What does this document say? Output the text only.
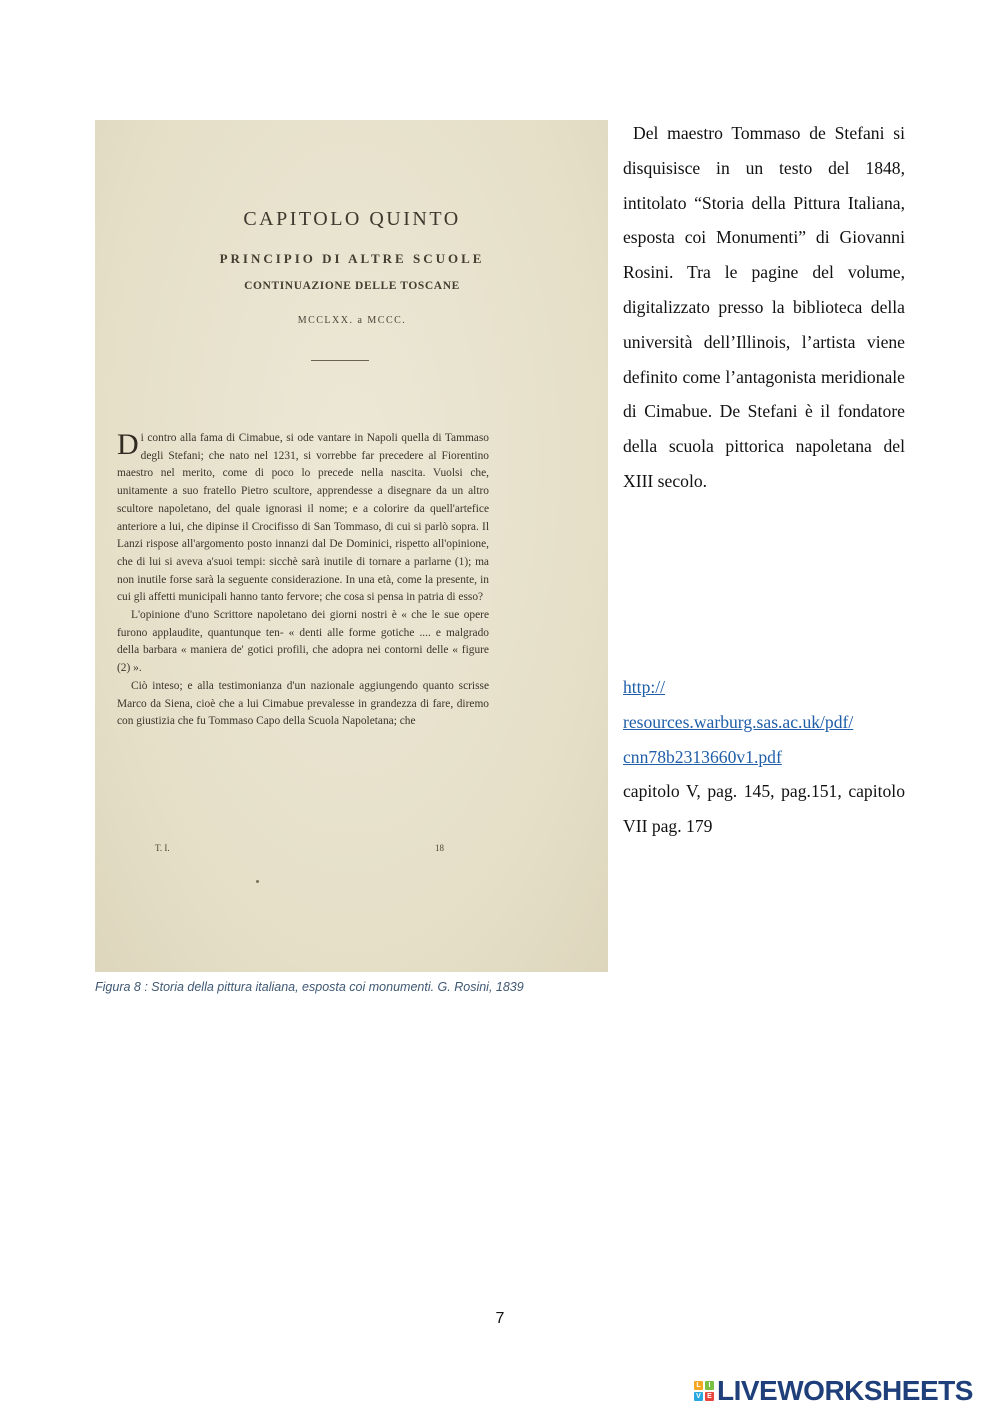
CAPITOLO QUINTO
PRINCIPIO DI ALTRE SCUOLE
CONTINUAZIONE DELLE TOSCANE
MCCLXX. a MCCC.

Di contro alla fama di Cimabue, si ode vantare in Napoli quella di Tammaso degli Stefani; che nato nel 1231, si vorrebbe far precedere al Fiorentino maestro nel merito, come di poco lo precede nella nascita. Vuolsi che, unitamente a suo fratello Pietro scultore, apprendesse a disegnare da un altro scultore napoletano, del quale ignorasi il nome; e a colorire da quell'artefice anteriore a lui, che dipinse il Crocifisso di San Tommaso, di cui si parlò sopra. Il Lanzi rispose all'argomento posto innanzi dal De Dominici, rispetto all'opinione, che di lui si aveva a'suoi tempi: sicchè sarà inutile di tornare a parlarne (1); ma non inutile forse sarà la seguente considerazione. In una età, come la presente, in cui gli affetti municipali hanno tanto fervore; che cosa si pensa in patria di esso?

L'opinione d'uno Scrittore napoletano dei giorni nostri è « che le sue opere furono applaudite, quantunque ten- « denti alle forme gotiche .... e malgrado della barbara « maniera de' gotici profili, che adopra nei contorni delle « figure (2) ».

Ciò inteso; e alla testimonianza d'un nazionale aggiungendo quanto scrisse Marco da Siena, cioè che a lui Cimabue prevalesse in grandezza di fare, diremo con giustizia che fu Tommaso Capo della Scuola Napoletana; che

T. I.	18
Figura 8 : Storia della pittura italiana, esposta coi monumenti. G. Rosini, 1839

Del maestro Tommaso de Stefani si disquisisce in un testo del 1848, intitolato “Storia della Pittura Italiana, esposta coi Monumenti” di Giovanni Rosini. Tra le pagine del volume, digitalizzato presso la biblioteca della università dell’Illinois, l’artista viene definito come l’antagonista meridionale di Cimabue. De Stefani è il fondatore della scuola pittorica napoletana del XIII secolo.

http://
resources.warburg.sas.ac.uk/pdf/
cnn78b2313660v1.pdf

capitolo V, pag. 145, pag.151, capitolo VII pag. 179

7
L	I
V E LIVEWORKSHEETS
